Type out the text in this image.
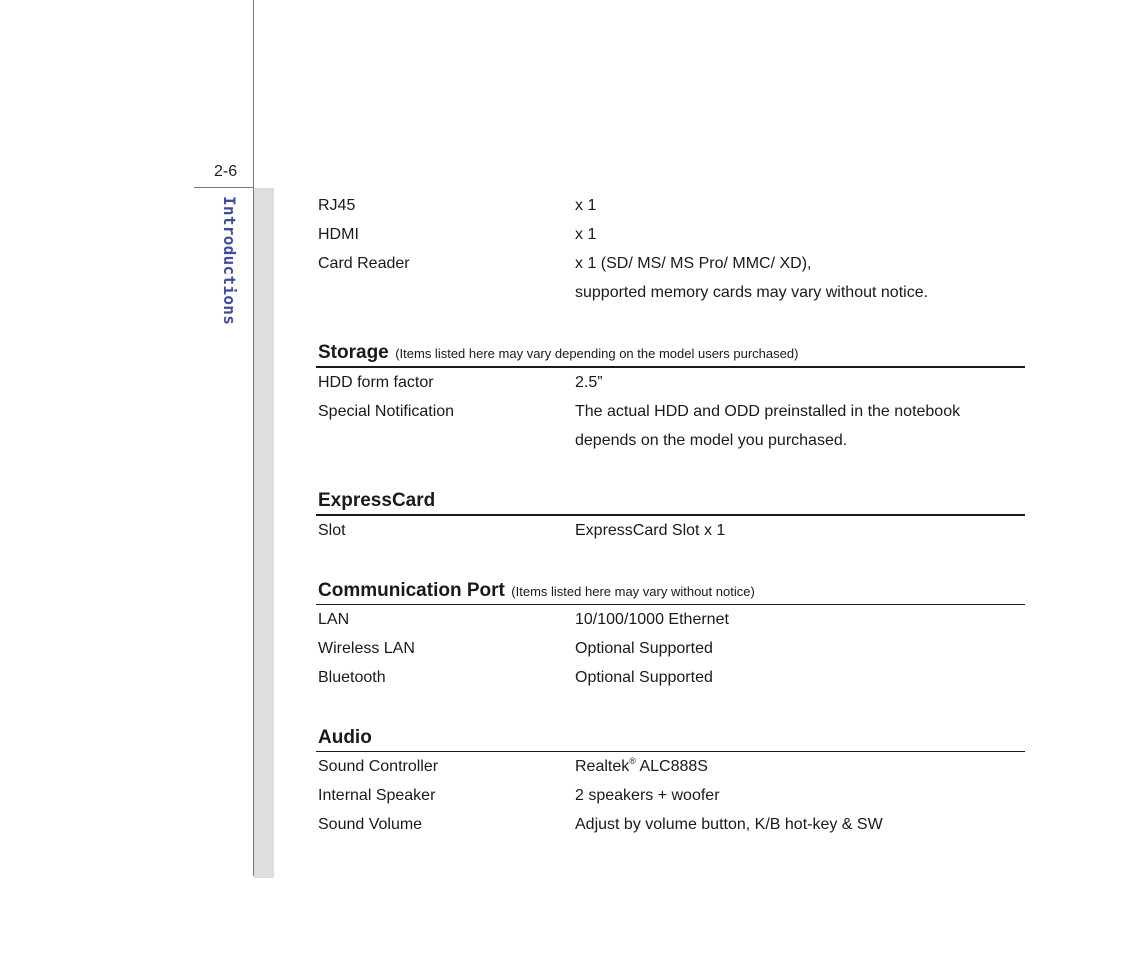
2-6
Introductions	RJ45	x 1
HDMI	x 1
Card Reader	x 1 (SD/ MS/ MS Pro/ MMC/ XD),
supported memory cards may vary without notice.
Storage (Items listed here may vary depending on the model users purchased)
HDD form factor	2.5”
Special Notification	The actual HDD and ODD preinstalled in the notebook
depends on the model you purchased.
ExpressCard
Slot	ExpressCard Slot x 1
Communication Port (Items listed here may vary without notice)
LAN	10/100/1000 Ethernet
Wireless LAN	Optional Supported
Bluetooth	Optional Supported
Audio
Sound Controller	Realtek® ALC888S
Internal Speaker	2 speakers + woofer
Sound Volume	Adjust by volume button, K/B hot-key & SW
